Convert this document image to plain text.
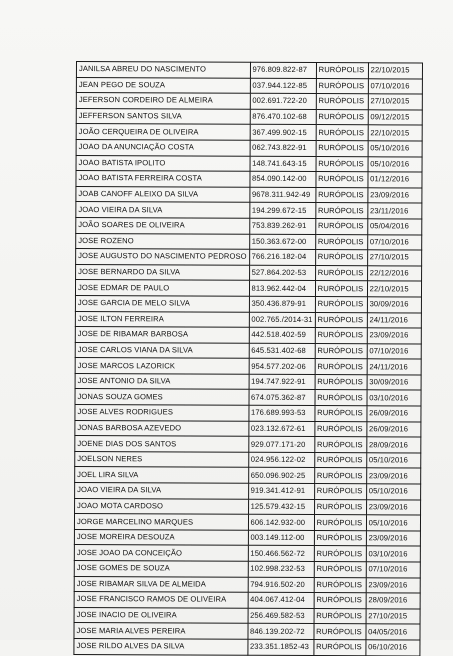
JANILSA ABREU DO NASCIMENTO	976.809.822-87	RURÓPOLIS	22/10/2015
JEAN PEGO DE SOUZA	037.944.122-85	RURÓPOLIS	07/10/2016
JEFERSON CORDEIRO DE ALMEIRA	002.691.722-20	RURÓPOLIS	27/10/2015
JEFFERSON SANTOS SILVA	876.470.102-68	RURÓPOLIS	09/12/2015
JOÃO CERQUEIRA DE OLIVEIRA	367.499.902-15	RURÓPOLIS	22/10/2015
JOAO DA ANUNCIAÇÃO COSTA	062.743.822-91	RURÓPOLIS	05/10/2016
JOAO BATISTA IPOLITO	148.741.643-15	RURÓPOLIS	05/10/2016
JOAO BATISTA FERREIRA COSTA	854.090.142-00	RURÓPOLIS	01/12/2016
JOAB CANOFF ALEIXO DA SILVA	9678.311.942-49	RURÓPOLIS	23/09/2016
JOAO VIEIRA DA SILVA	194.299.672-15	RURÓPOLIS	23/11/2016
JOÃO SOARES DE OLIVEIRA	753.839.262-91	RURÓPOLIS	05/04/2016
JOSE ROZENO	150.363.672-00	RURÓPOLIS	07/10/2016
JOSE AUGUSTO DO NASCIMENTO PEDROSO	766.216.182-04	RURÓPOLIS	27/10/2015
JOSE BERNARDO DA SILVA	527.864.202-53	RURÓPOLIS	22/12/2016
JOSE EDMAR DE PAULO	813.962.442-04	RURÓPOLIS	22/10/2015
JOSE GARCIA DE MELO SILVA	350.436.879-91	RURÓPOLIS	30/09/2016
JOSE ILTON FERREIRA	002.765./2014-31	RURÓPOLIS	24/11/2016
JOSE DE RIBAMAR BARBOSA	442.518.402-59	RURÓPOLIS	23/09/2016
JOSE CARLOS VIANA DA SILVA	645.531.402-68	RURÓPOLIS	07/10/2016
JOSE MARCOS LAZORICK	954.577.202-06	RURÓPOLIS	24/11/2016
JOSE ANTONIO DA SILVA	194.747.922-91	RURÓPOLIS	30/09/2016
JONAS SOUZA GOMES	674.075.362-87	RURÓPOLIS	03/10/2016
JOSE ALVES RODRIGUES	176.689.993-53	RURÓPOLIS	26/09/2016
JONAS BARBOSA AZEVEDO	023.132.672-61	RURÓPOLIS	26/09/2016
JOENE DIAS DOS SANTOS	929.077.171-20	RURÓPOLIS	28/09/2016
JOELSON NERES	024.956.122-02	RURÓPOLIS	05/10/2016
JOEL LIRA SILVA	650.096.902-25	RURÓPOLIS	23/09/2016
JOAO VIEIRA DA SILVA	919.341.412-91	RURÓPOLIS	05/10/2016
JOAO MOTA CARDOSO	125.579.432-15	RURÓPOLIS	23/09/2016
JORGE MARCELINO MARQUES	606.142.932-00	RURÓPOLIS	05/10/2016
JOSE MOREIRA DESOUZA	003.149.112-00	RURÓPOLIS	23/09/2016
JOSE JOAO DA CONCEIÇÃO	150.466.562-72	RURÓPOLIS	03/10/2016
JOSE GOMES DE SOUZA	102.998.232-53	RURÓPOLIS	07/10/2016
JOSE RIBAMAR SILVA DE ALMEIDA	794.916.502-20	RURÓPOLIS	23/09/2016
JOSE FRANCISCO RAMOS DE OLIVEIRA	404.067.412-04	RURÓPOLIS	28/09/2016
JOSE INACIO DE OLIVEIRA	256.469.582-53	RURÓPOLIS	27/10/2015
JOSE MARIA ALVES PEREIRA	846.139.202-72	RURÓPOLIS	04/05/2016
JOSE RILDO ALVES DA SILVA	233.351.1852-43	RURÓPOLIS	06/10/2016
